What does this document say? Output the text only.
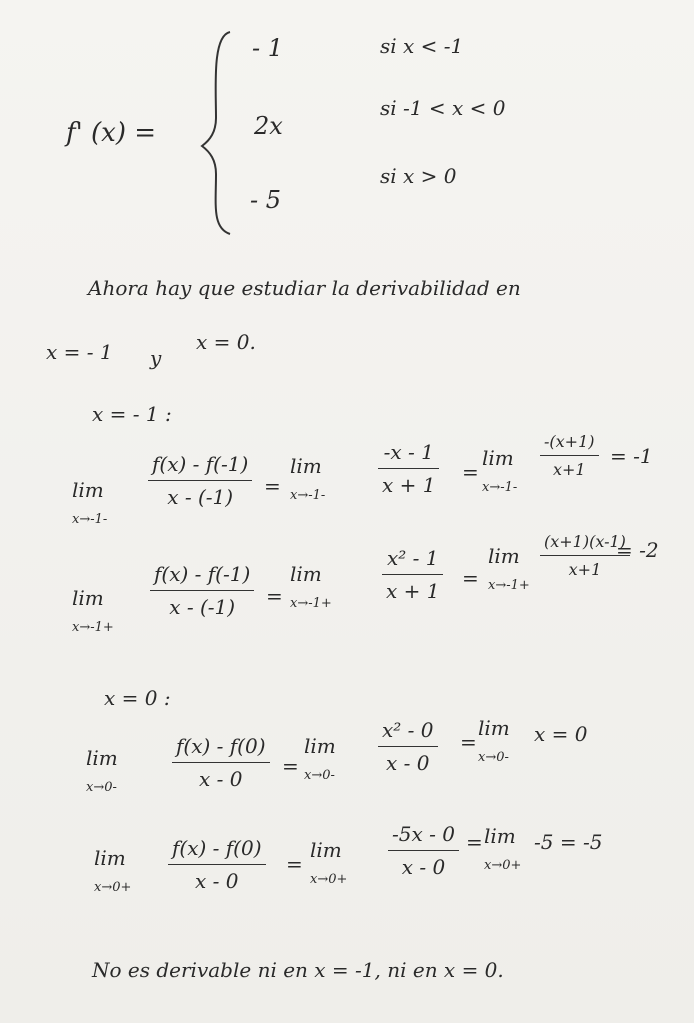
f' (x) =
- 1	si x < -1
2x
si -1 < x < 0
- 5
si x > 0
Ahora hay que estudiar la derivabilidad en
x = - 1 y
x = 0.
x = - 1 :
lim
x→-1-
f(x) - f(-1)
x - (-1) =
lim
x→-1-
-x - 1
x + 1
=
lim
x→-1-
-(x+1)
x+1
= -1
lim
x→-1+
f(x) - f(-1)
x - (-1) =
lim
x→-1+
x² - 1
x + 1
=
lim
x→-1+
(x+1)(x-1)
x+1
= -2
x = 0 :
lim
x→0-
f(x) - f(0)
x - 0
=
lim
x→0-
x² - 0
x - 0
=
lim
x→0-
x = 0
lim
x→0+
f(x) - f(0)
x - 0
=
lim
x→0+
-5x - 0
x - 0
= lim
x→0+
-5 = -5
No es derivable ni en x = -1, ni en x = 0.
